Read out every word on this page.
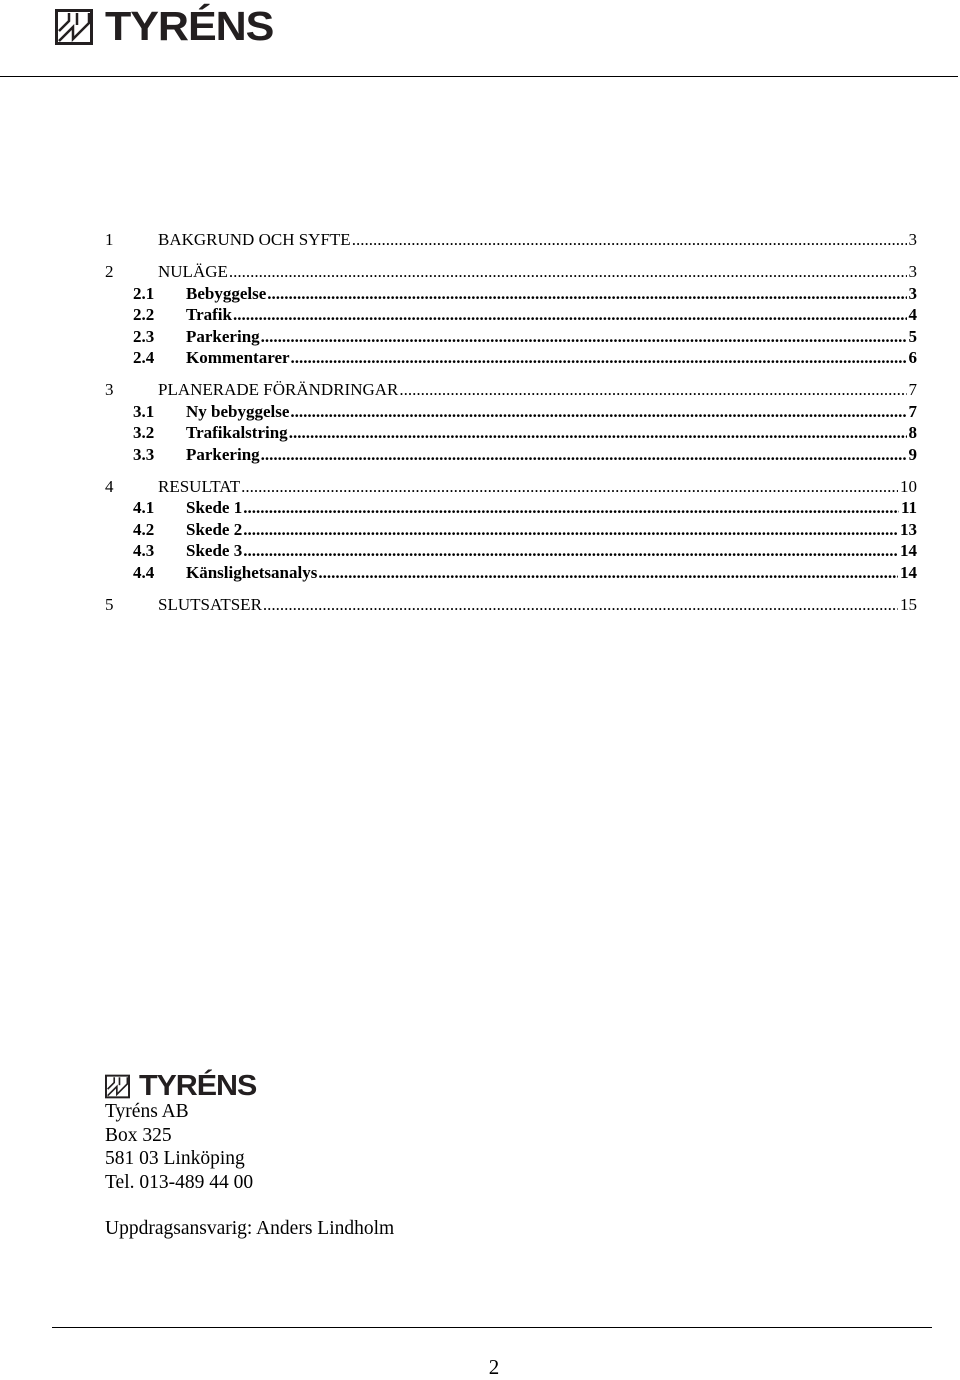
TYRÉNS
1	BAKGRUND OCH SYFTE .....	3
2	NULÄGE .....	3
2.1	Bebyggelse .....	3
2.2	Trafik .....	4
2.3	Parkering .....	5
2.4	Kommentarer .....	6
3	PLANERADE FÖRÄNDRINGAR .....	7
3.1	Ny bebyggelse .....	7
3.2	Trafikalstring .....	8
3.3	Parkering .....	9
4	RESULTAT .....	10
4.1	Skede 1 .....	11
4.2	Skede 2 .....	13
4.3	Skede 3 .....	14
4.4	Känslighetsanalys .....	14
5	SLUTSATSER .....	15
TYRÉNS
Tyréns AB
Box 325
581 03 Linköping
Tel. 013-489 44 00
Uppdragsansvarig: Anders Lindholm
2
